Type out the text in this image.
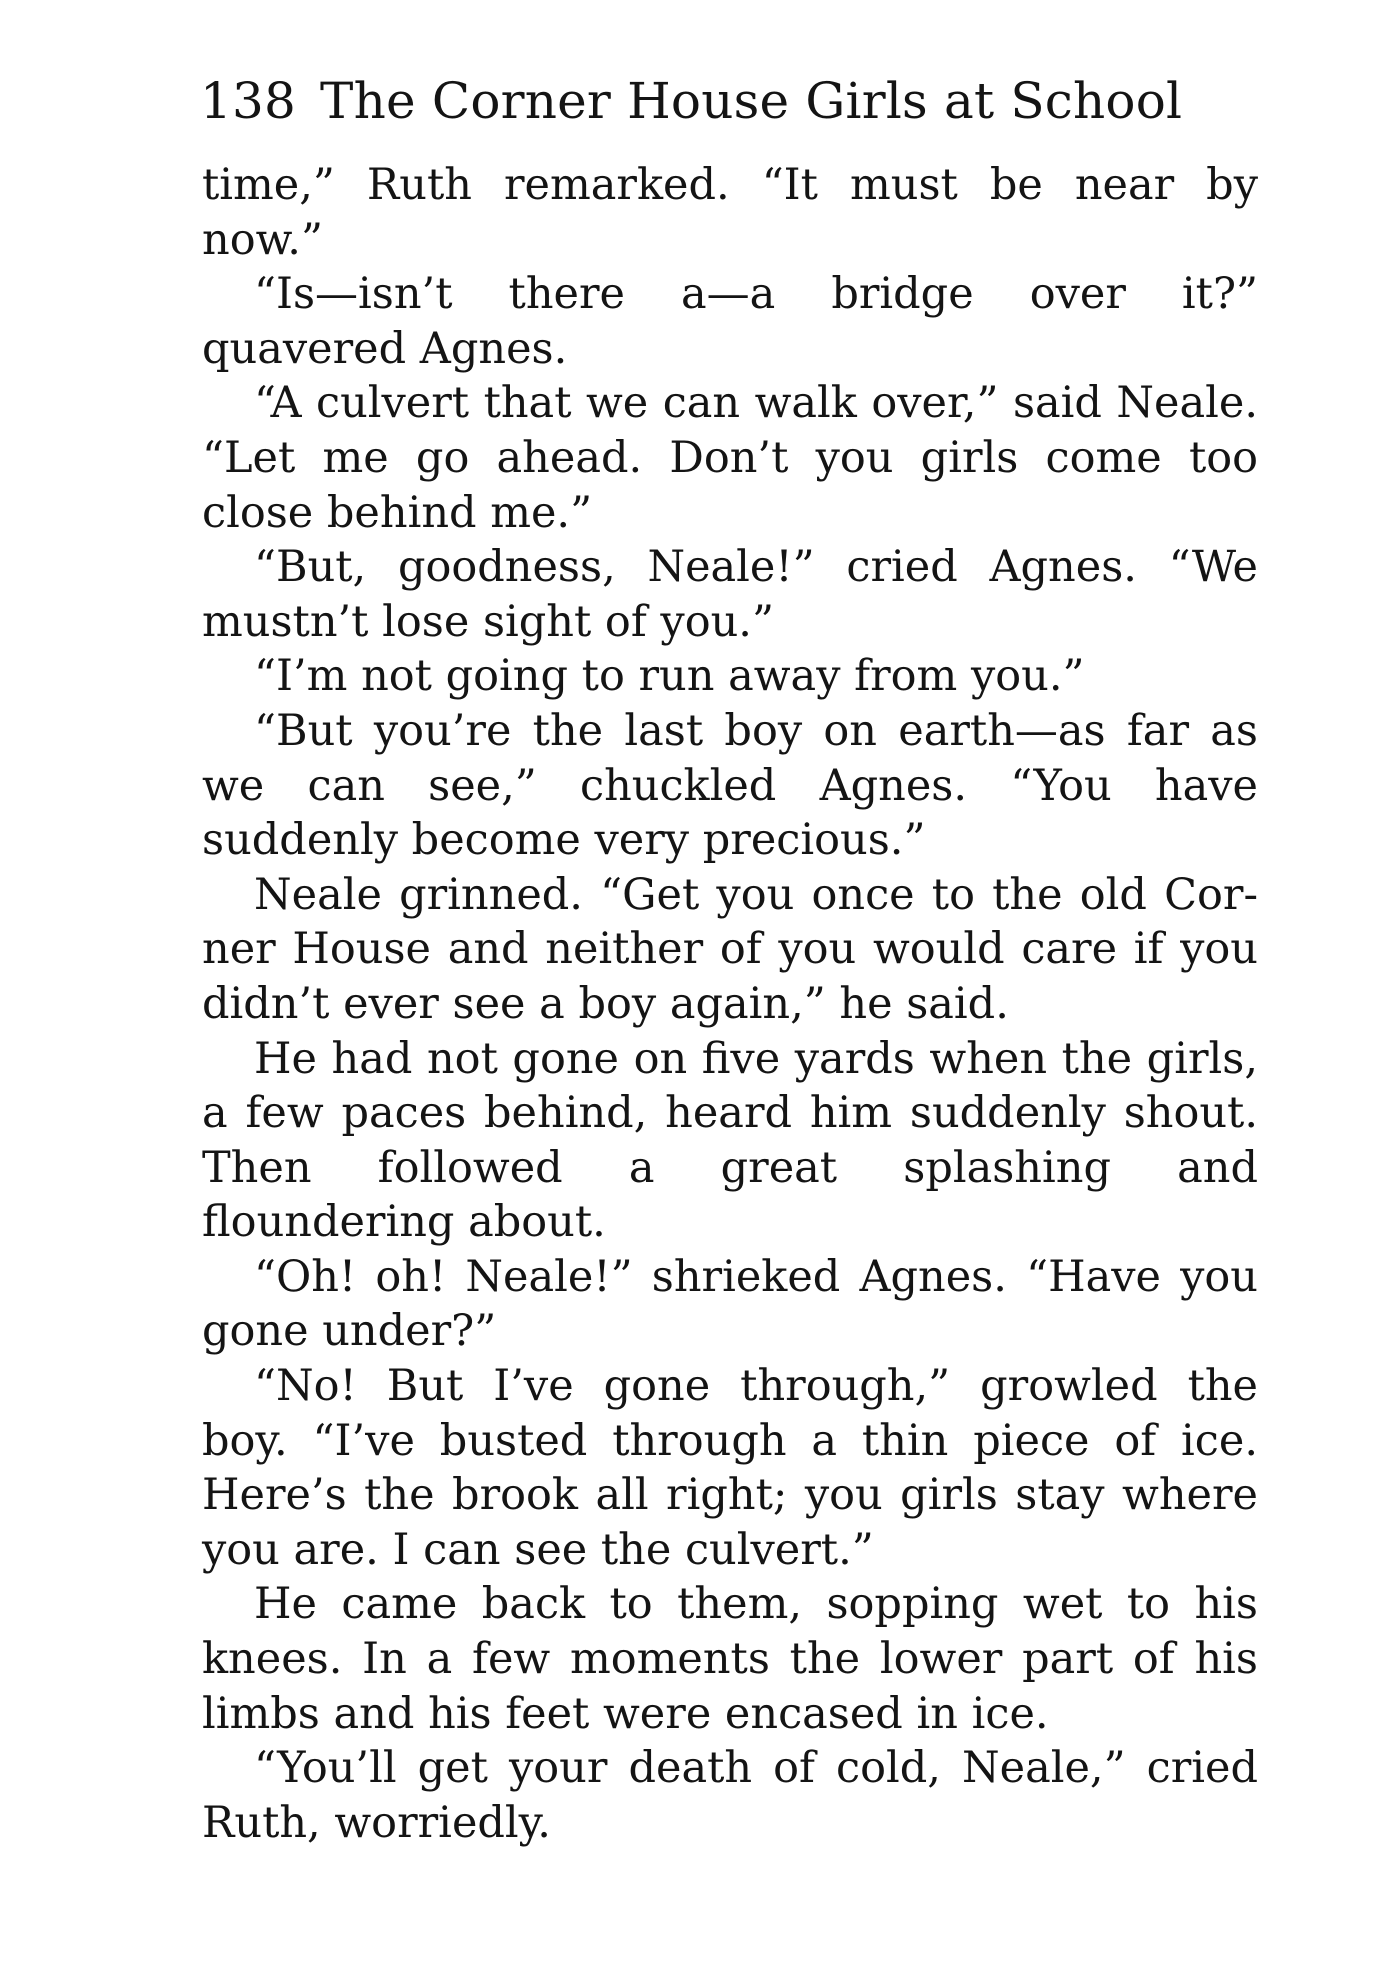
138 The Corner House Girls at School

time,” Ruth remarked. “It must be near by now.”

“Is—isn’t there a—a bridge over it?” quavered Agnes.

“A culvert that we can walk over,” said Neale. “Let me go ahead. Don’t you girls come too close behind me.”

“But, goodness, Neale!” cried Agnes. “We mustn’t lose sight of you.”

“I’m not going to run away from you.”

“But you’re the last boy on earth—as far as we can see,” chuckled Agnes. “You have suddenly become very precious.”

Neale grinned. “Get you once to the old Corner House and neither of you would care if you didn’t ever see a boy again,” he said.

He had not gone on five yards when the girls, a few paces behind, heard him suddenly shout. Then followed a great splashing and floundering about.

“Oh! oh! Neale!” shrieked Agnes. “Have you gone under?”

“No! But I’ve gone through,” growled the boy. “I’ve busted through a thin piece of ice. Here’s the brook all right; you girls stay where you are. I can see the culvert.”

He came back to them, sopping wet to his knees. In a few moments the lower part of his limbs and his feet were encased in ice.

“You’ll get your death of cold, Neale,” cried Ruth, worriedly.
